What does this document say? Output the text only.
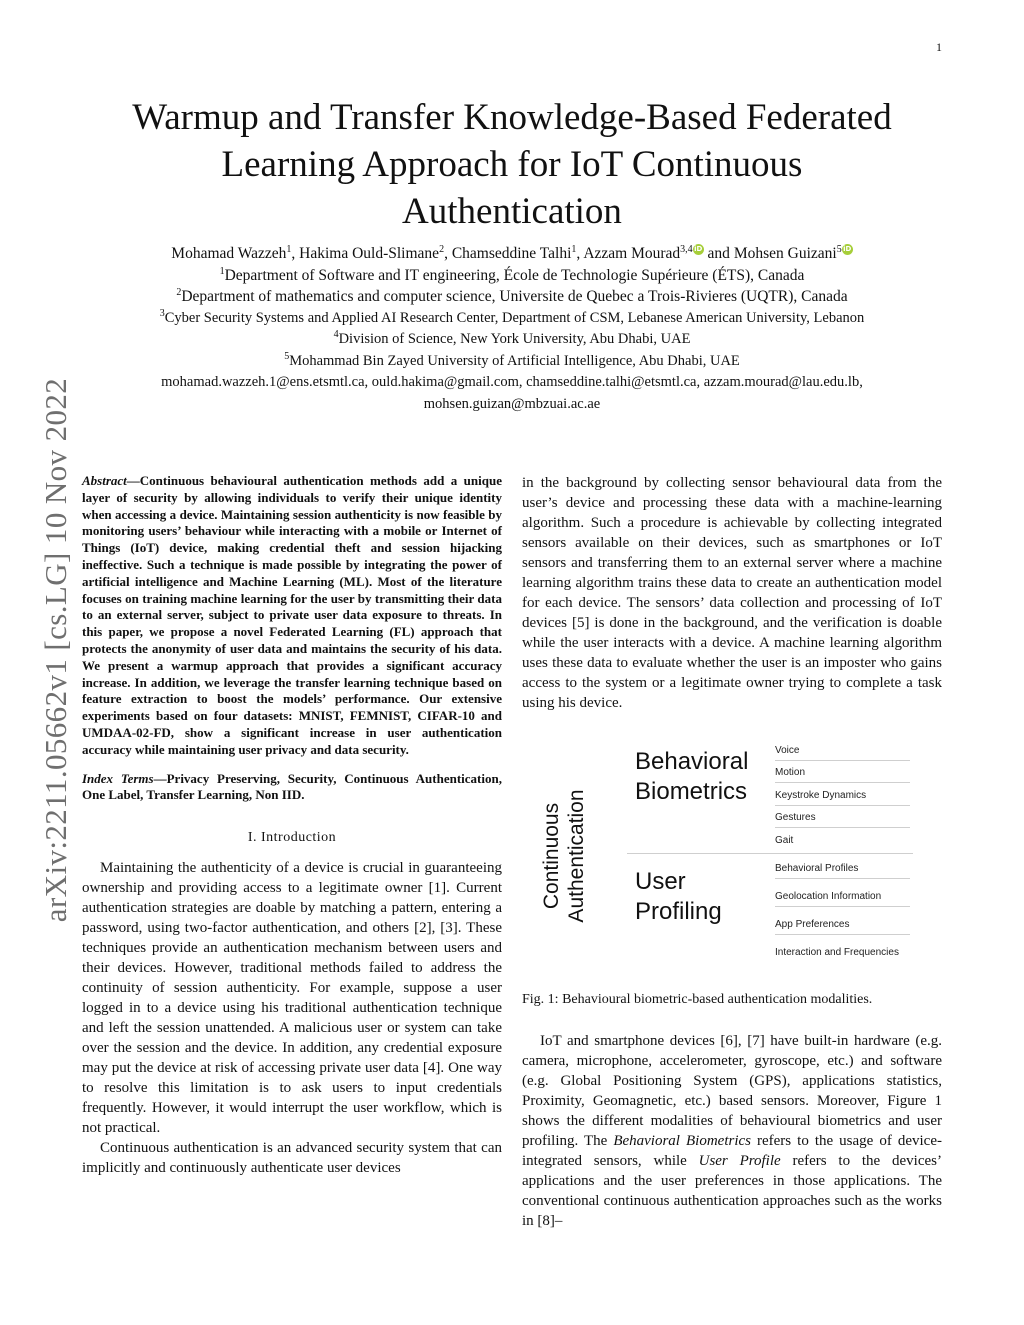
1
arXiv:2211.05662v1 [cs.LG] 10 Nov 2022
Warmup and Transfer Knowledge-Based Federated
Learning Approach for IoT Continuous
Authentication
Mohamad Wazzeh$^1$, Hakima Ould-Slimane$^2$, Chamseddine Talhi$^1$, Azzam Mourad$^{3,4}$iD and Mohsen Guizani$^5$iD
$^1$Department of Software and IT engineering, École de Technologie Supérieure (ÉTS), Canada
$^2$Department of mathematics and computer science, Universite de Quebec a Trois-Rivieres (UQTR), Canada
$^3$Cyber Security Systems and Applied AI Research Center, Department of CSM, Lebanese American University, Lebanon
$^4$Division of Science, New York University, Abu Dhabi, UAE
$^5$Mohammad Bin Zayed University of Artificial Intelligence, Abu Dhabi, UAE
mohamad.wazzeh.1@ens.etsmtl.ca, ould.hakima@gmail.com, chamseddine.talhi@etsmtl.ca, azzam.mourad@lau.edu.lb,
mohsen.guizan@mbzuai.ac.ae
Abstract—Continuous behavioural authentication methods add a unique layer of security by allowing individuals to verify their unique identity when accessing a device. Maintaining session authenticity is now feasible by monitoring users’ behaviour while interacting with a mobile or Internet of Things (IoT) device, making credential theft and session hijacking ineffective. Such a technique is made possible by integrating the power of artificial intelligence and Machine Learning (ML). Most of the literature focuses on training machine learning for the user by transmitting their data to an external server, subject to private user data exposure to threats. In this paper, we propose a novel Federated Learning (FL) approach that protects the anonymity of user data and maintains the security of his data. We present a warmup approach that provides a significant accuracy increase. In addition, we leverage the transfer learning technique based on feature extraction to boost the models’ performance. Our extensive experiments based on four datasets: MNIST, FEMNIST, CIFAR-10 and UMDAA-02-FD, show a significant increase in user authentication accuracy while maintaining user privacy and data security.
Index Terms—Privacy Preserving, Security, Continuous Authentication, One Label, Transfer Learning, Non IID.
I. Introduction

Maintaining the authenticity of a device is crucial in guaranteeing ownership and providing access to a legitimate owner [1]. Current authentication strategies are doable by matching a pattern, entering a password, using two-factor authentication, and others [2], [3]. These techniques provide an authentication mechanism between users and their devices. However, traditional methods failed to address the continuity of session authenticity. For example, suppose a user logged in to a device using his traditional authentication technique and left the session unattended. A malicious user or system can take over the session and the device. In addition, any credential exposure may put the device at risk of accessing private user data [4]. One way to resolve this limitation is to ask users to input credentials frequently. However, it would interrupt the user workflow, which is not practical.

Continuous authentication is an advanced security system that can implicitly and continuously authenticate user devices

in the background by collecting sensor behavioural data from the user’s device and processing these data with a machine-learning algorithm. Such a procedure is achievable by collecting integrated sensors available on their devices, such as smartphones or IoT sensors and transferring them to an external server where a machine learning algorithm trains these data to create an authentication model for each device. The sensors’ data collection and processing of IoT devices [5] is done in the background, and the verification is doable while the user interacts with a device. A machine learning algorithm uses these data to evaluate whether the user is an imposter who gains access to the system or a legitimate owner trying to complete a task using his device.

Continuous Authentication
Behavioral
Biometrics
User
Profiling
Voice
Motion
Keystroke Dynamics
Gestures
Gait
Behavioral Profiles
Geolocation Information
App Preferences
Interaction and Frequencies
Fig. 1: Behavioural biometric-based authentication modalities.

IoT and smartphone devices [6], [7] have built-in hardware (e.g. camera, microphone, accelerometer, gyroscope, etc.) and software (e.g. Global Positioning System (GPS), applications statistics, Proximity, Geomagnetic, etc.) based sensors. Moreover, Figure 1 shows the different modalities of behavioural biometrics and user profiling. The Behavioral Biometrics refers to the usage of device-integrated sensors, while User Profile refers to the devices’ applications and the user preferences in those applications. The conventional continuous authentication approaches such as the works in [8]–
